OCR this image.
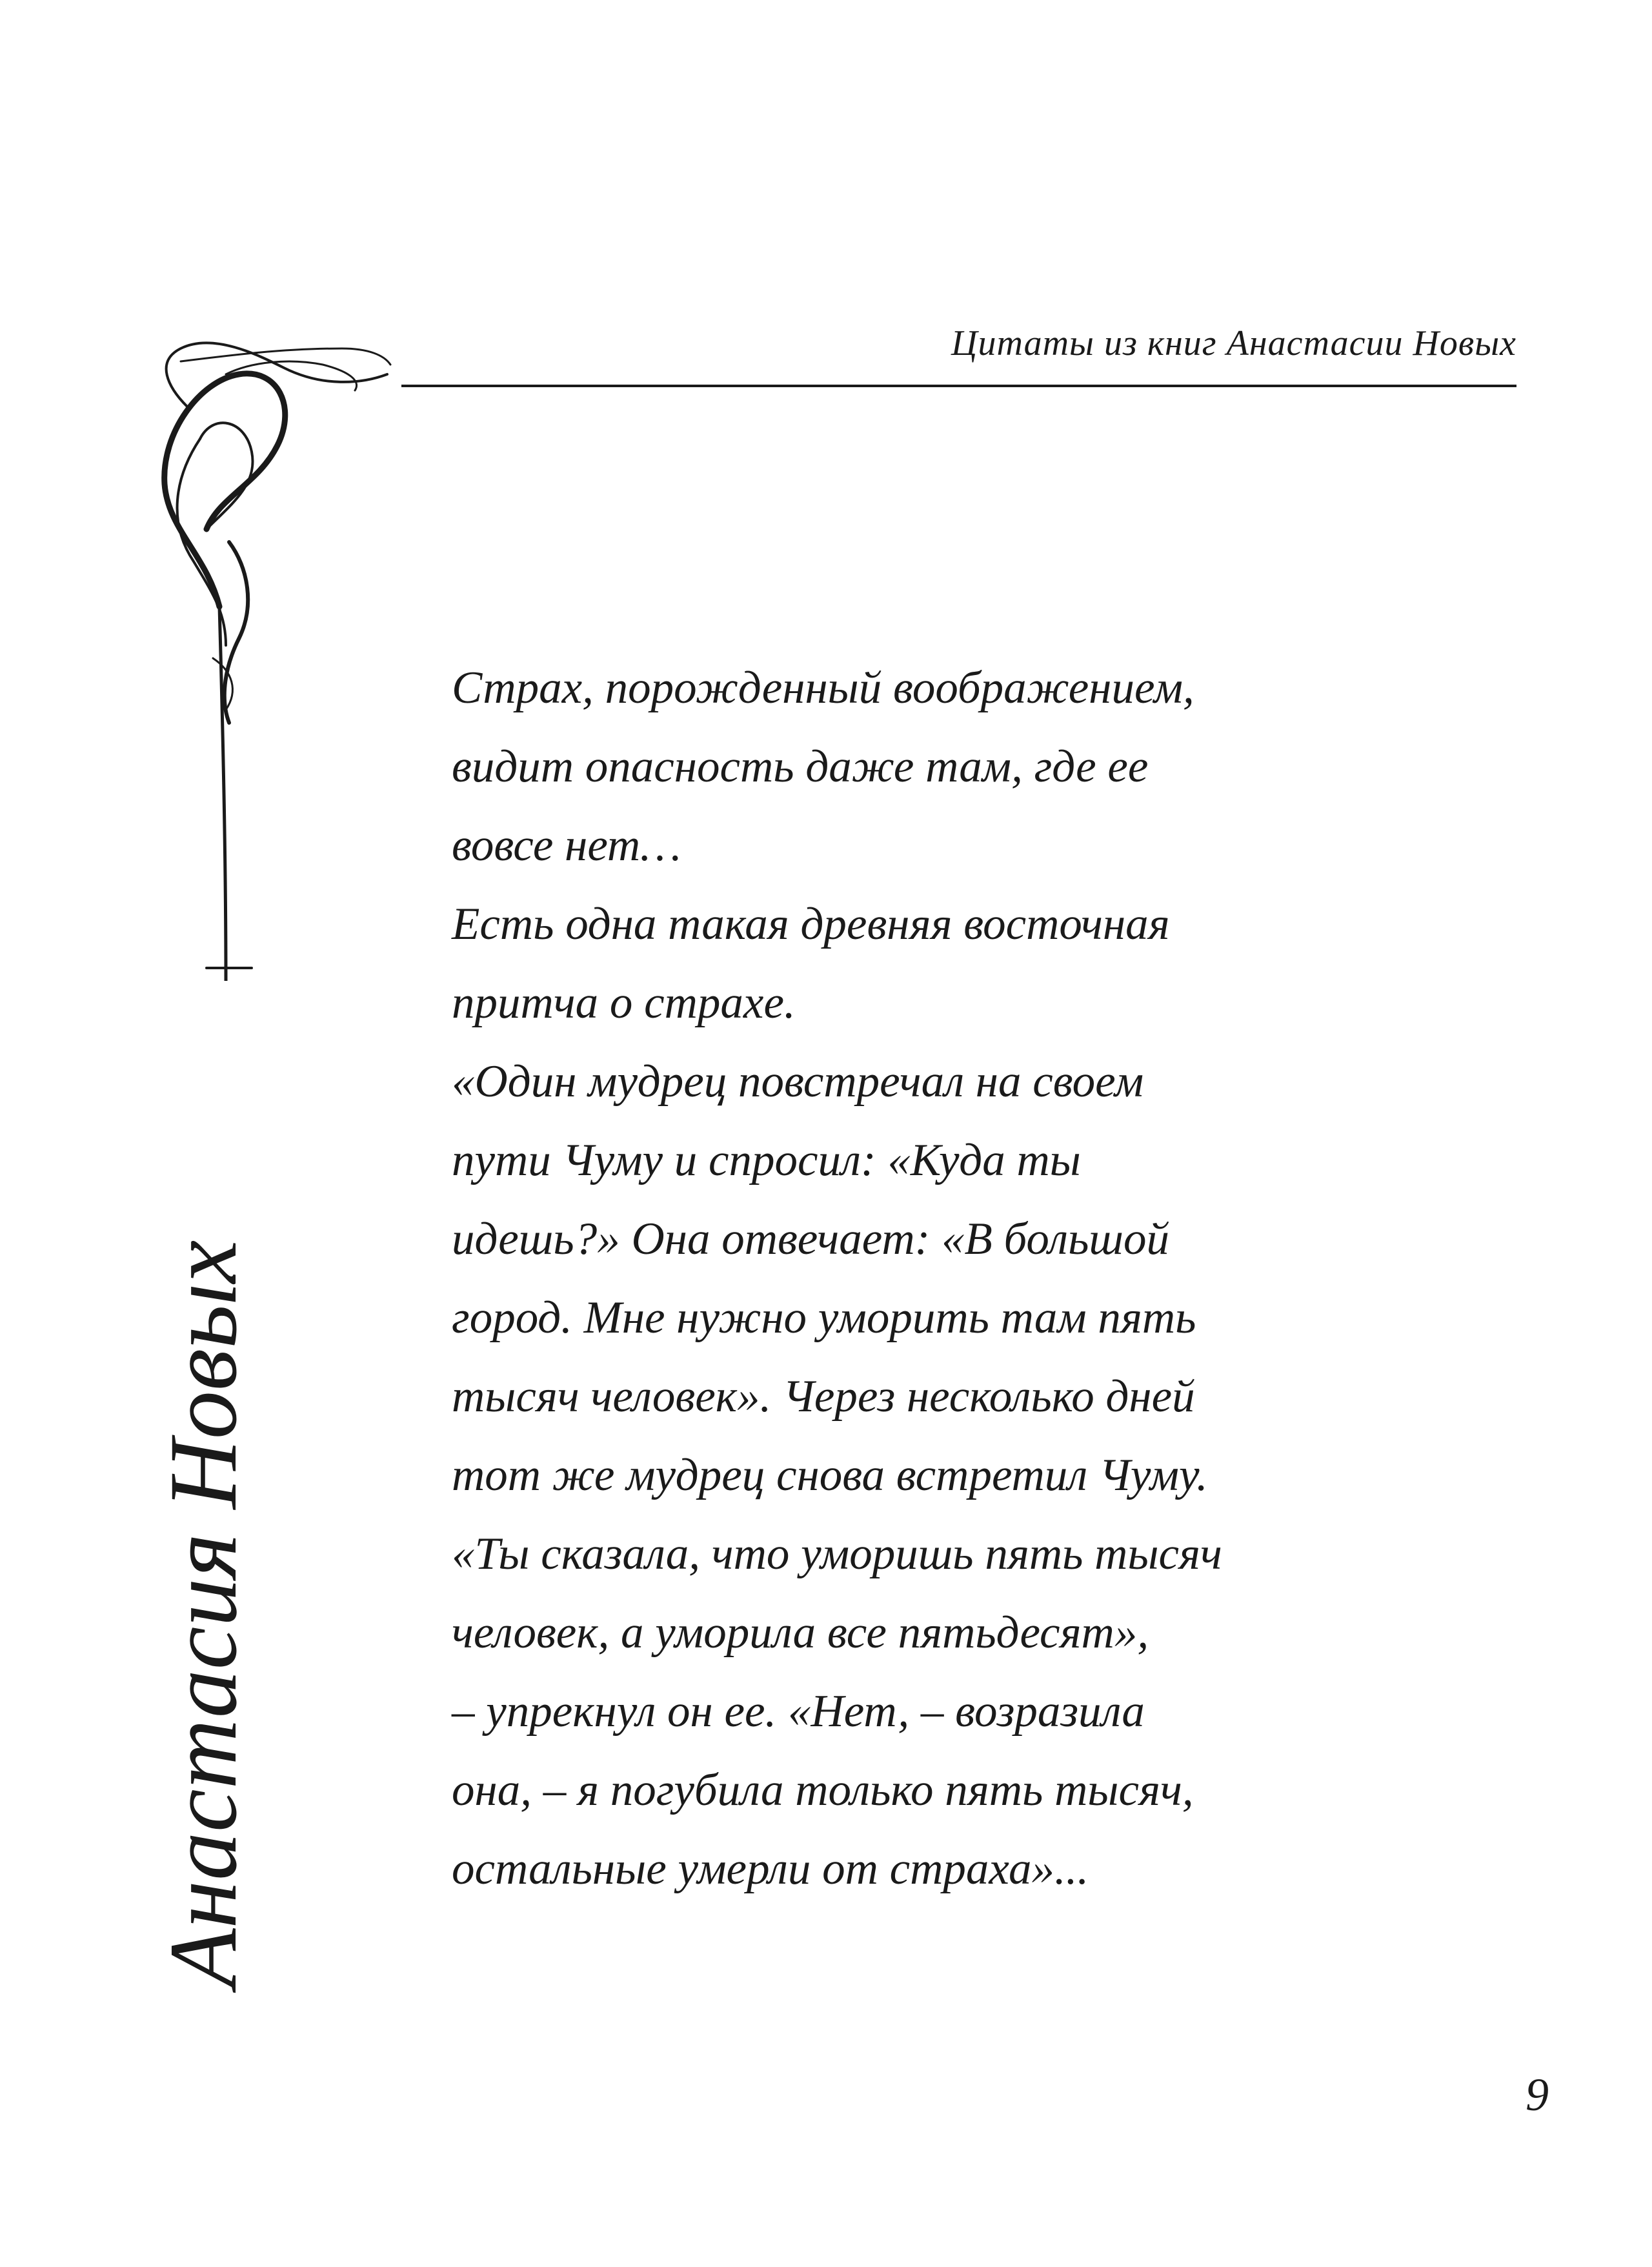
Цитаты из книг Анастасии Новых
Анастасия Новых
Страх, порожденный воображением,
видит опасность даже там, где ее
вовсе нет…
Есть одна такая древняя восточная
притча о страхе.
«Один мудрец повстречал на своем
пути Чуму и спросил: «Куда ты
идешь?» Она отвечает: «В большой
город. Мне нужно уморить там пять
тысяч человек». Через несколько дней
тот же мудрец снова встретил Чуму.
«Ты сказала, что уморишь пять тысяч
человек, а уморила все пятьдесят»,
– упрекнул он ее. «Нет, – возразила
она, – я погубила только пять тысяч,
остальные умерли от страха»...
9
